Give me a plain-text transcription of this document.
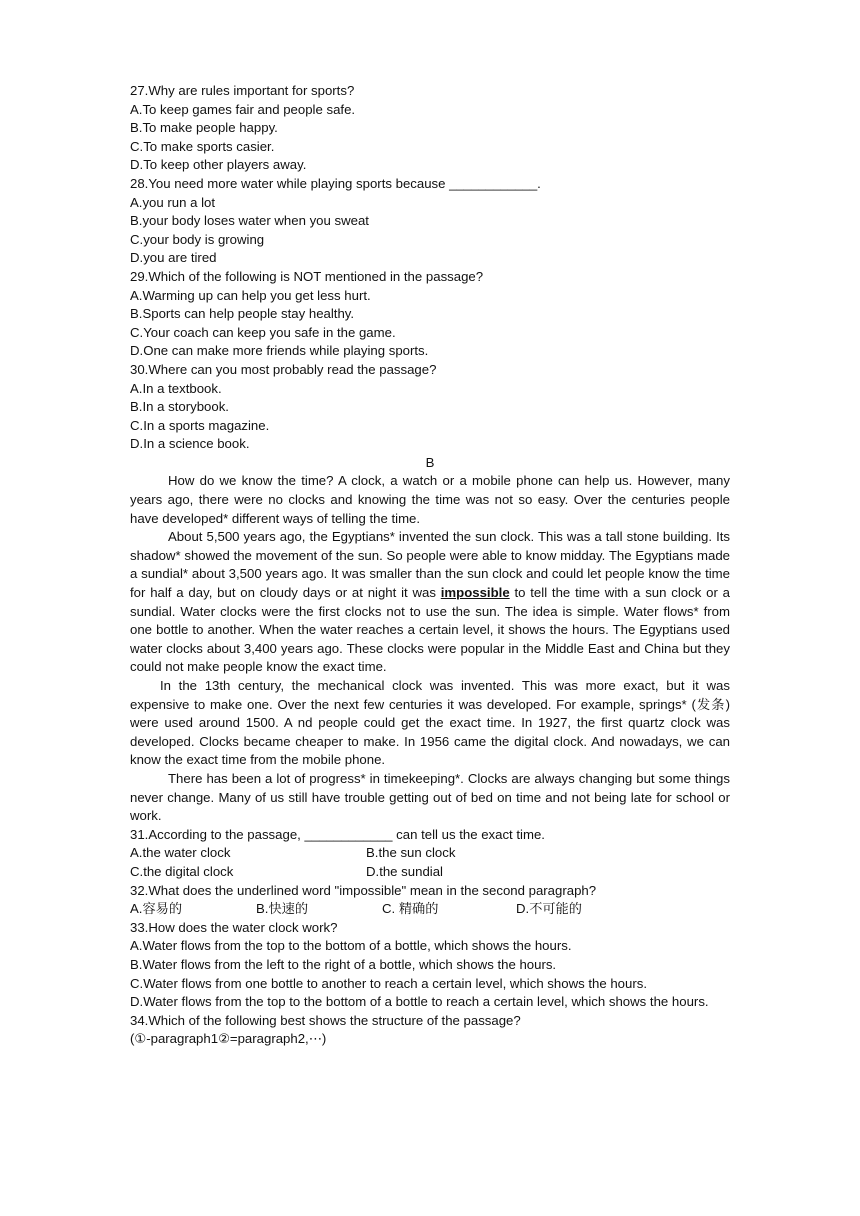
27.Why are rules important for sports?
A.To keep games fair and people safe.
B.To make people happy.
C.To make sports casier.
D.To keep other players away.
28.You need more water while playing sports because ____________.
A.you run a lot
B.your body loses water when you sweat
C.your body is growing
D.you are tired
29.Which of the following is NOT mentioned in the passage?
A.Warming up can help you get less hurt.
B.Sports can help people stay healthy.
C.Your coach can keep you safe in the game.
D.One can make more friends while playing sports.
30.Where can you most probably read the passage?
A.In a textbook.
B.In a storybook.
C.In a sports magazine.
D.In a science book.
B
How do we know the time? A clock, a watch or a mobile phone can help us. However, many years ago, there were no clocks and knowing the time was not so easy. Over the centuries people have developed* different ways of telling the time.
About 5,500 years ago, the Egyptians* invented the sun clock. This was a tall stone building. Its shadow* showed the movement of the sun. So people were able to know midday. The Egyptians made a sundial* about 3,500 years ago. It was smaller than the sun clock and could let people know the time for half a day, but on cloudy days or at night it was impossible to tell the time with a sun clock or a sundial. Water clocks were the first clocks not to use the sun. The idea is simple. Water flows* from one bottle to another. When the water reaches a certain level, it shows the hours. The Egyptians used water clocks about 3,400 years ago. These clocks were popular in the Middle East and China but they could not make people know the exact time.
In the 13th century, the mechanical clock was invented. This was more exact, but it was expensive to make one. Over the next few centuries it was developed. For example, springs* (发条) were used around 1500. A nd people could get the exact time. In 1927, the first quartz clock was developed. Clocks became cheaper to make. In 1956 came the digital clock. And nowadays, we can know the exact time from the mobile phone.
There has been a lot of progress* in timekeeping*. Clocks are always changing but some things never change. Many of us still have trouble getting out of bed on time and not being late for school or work.
31.According to the passage, ____________ can tell us the exact time.
A.the water clock	B.the sun clock
C.the digital clock	D.the sundial
32.What does the underlined word "impossible" mean in the second paragraph?
A.容易的	B.快速的	C. 精确的	D.不可能的
33.How does the water clock work?
A.Water flows from the top to the bottom of a bottle, which shows the hours.
B.Water flows from the left to the right of a bottle, which shows the hours.
C.Water flows from one bottle to another to reach a certain level, which shows the hours.
D.Water flows from the top to the bottom of a bottle to reach a certain level, which shows the hours.
34.Which of the following best shows the structure of the passage?
(①-paragraph1②=paragraph2,⋯)
